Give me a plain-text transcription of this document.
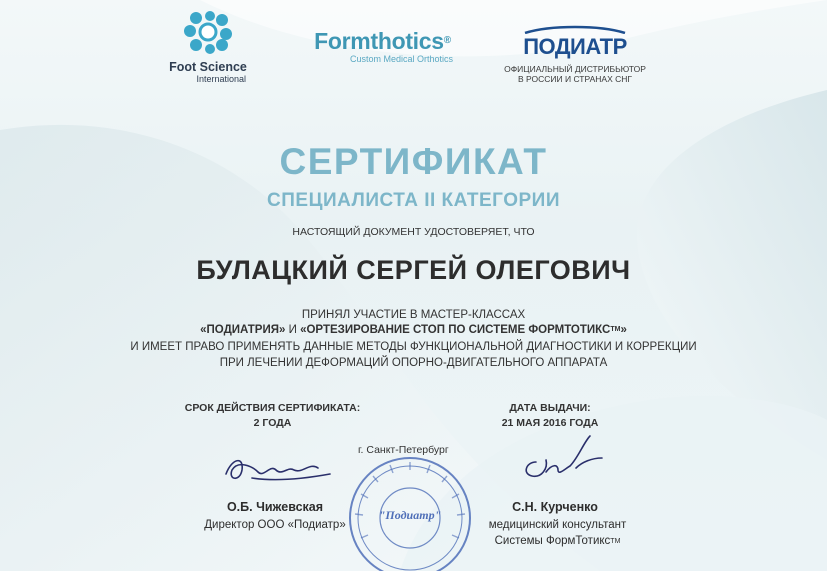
Foot Science
International
Formthotics®
Custom Medical Orthotics	ПОДИАТР
ОФИЦИАЛЬНЫЙ ДИСТРИБЬЮТОР
В РОССИИ И СТРАНАХ СНГ
СЕРТИФИКАТ
СПЕЦИАЛИСТА II КАТЕГОРИИ
НАСТОЯЩИЙ ДОКУМЕНТ УДОСТОВЕРЯЕТ, ЧТО
БУЛАЦКИЙ СЕРГЕЙ ОЛЕГОВИЧ
ПРИНЯЛ УЧАСТИЕ В МАСТЕР-КЛАССАХ
«ПОДИАТРИЯ» И «ОРТЕЗИРОВАНИЕ СТОП ПО СИСТЕМЕ ФОРМТОТИКС™»
И ИМЕЕТ ПРАВО ПРИМЕНЯТЬ ДАННЫЕ МЕТОДЫ ФУНКЦИОНАЛЬНОЙ ДИАГНОСТИКИ И КОРРЕКЦИИ
ПРИ ЛЕЧЕНИИ ДЕФОРМАЦИЙ ОПОРНО-ДВИГАТЕЛЬНОГО АППАРАТА
СРОК ДЕЙСТВИЯ СЕРТИФИКАТА:
2 ГОДА
ДАТА ВЫДАЧИ:
21 МАЯ 2016 ГОДА
г. Санкт-Петербург
О.Б. Чижевская
Директор ООО «Подиатр»
"Подиатр"
С.Н. Курченко
медицинский консультант
Системы ФормТотикс™
